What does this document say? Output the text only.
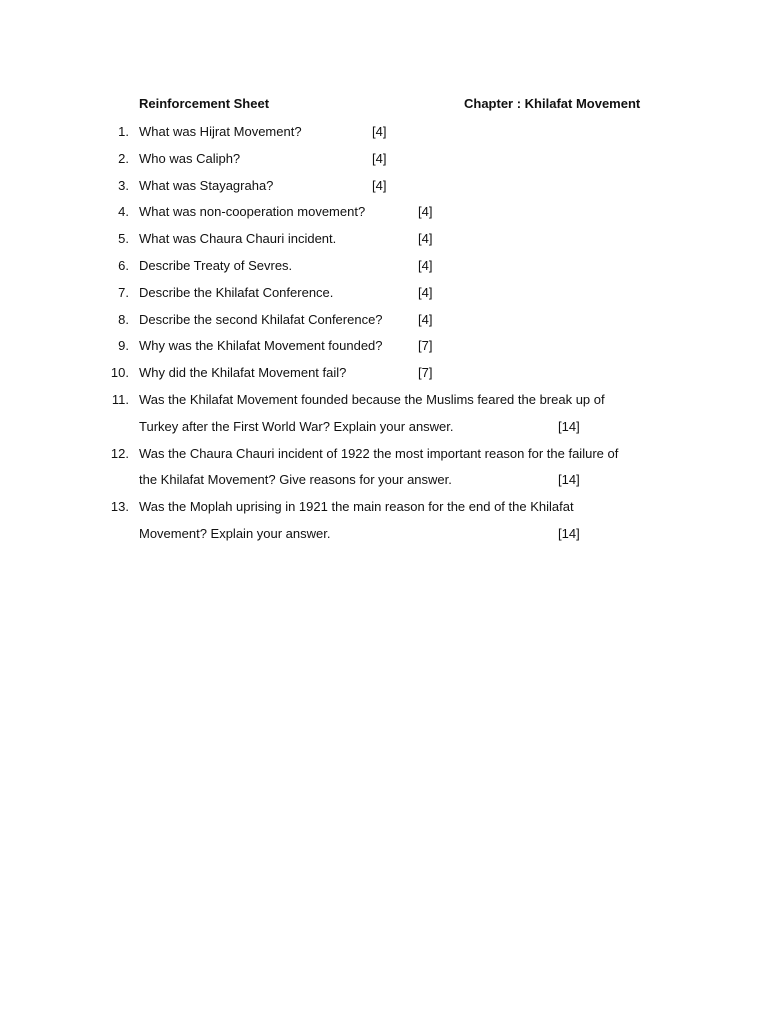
Reinforcement Sheet	Chapter : Khilafat Movement
1. What was Hijrat Movement?	[4]
2. Who was Caliph?	[4]
3. What was Stayagraha?	[4]
4. What was non-cooperation movement?	[4]
5. What was Chaura Chauri incident.	[4]
6. Describe Treaty of Sevres.	[4]
7. Describe the Khilafat Conference.	[4]
8. Describe the second Khilafat Conference?	[4]
9. Why was the Khilafat Movement founded?	[7]
10. Why did the Khilafat Movement fail?	[7]
11. Was the Khilafat Movement founded because the Muslims feared the break up of
Turkey after the First World War? Explain your answer.	[14]
12. Was the Chaura Chauri incident of 1922 the most important reason for the failure of
the Khilafat Movement? Give reasons for your answer.	[14]
13. Was the Moplah uprising in 1921 the main reason for the end of the Khilafat
Movement? Explain your answer.	[14]
